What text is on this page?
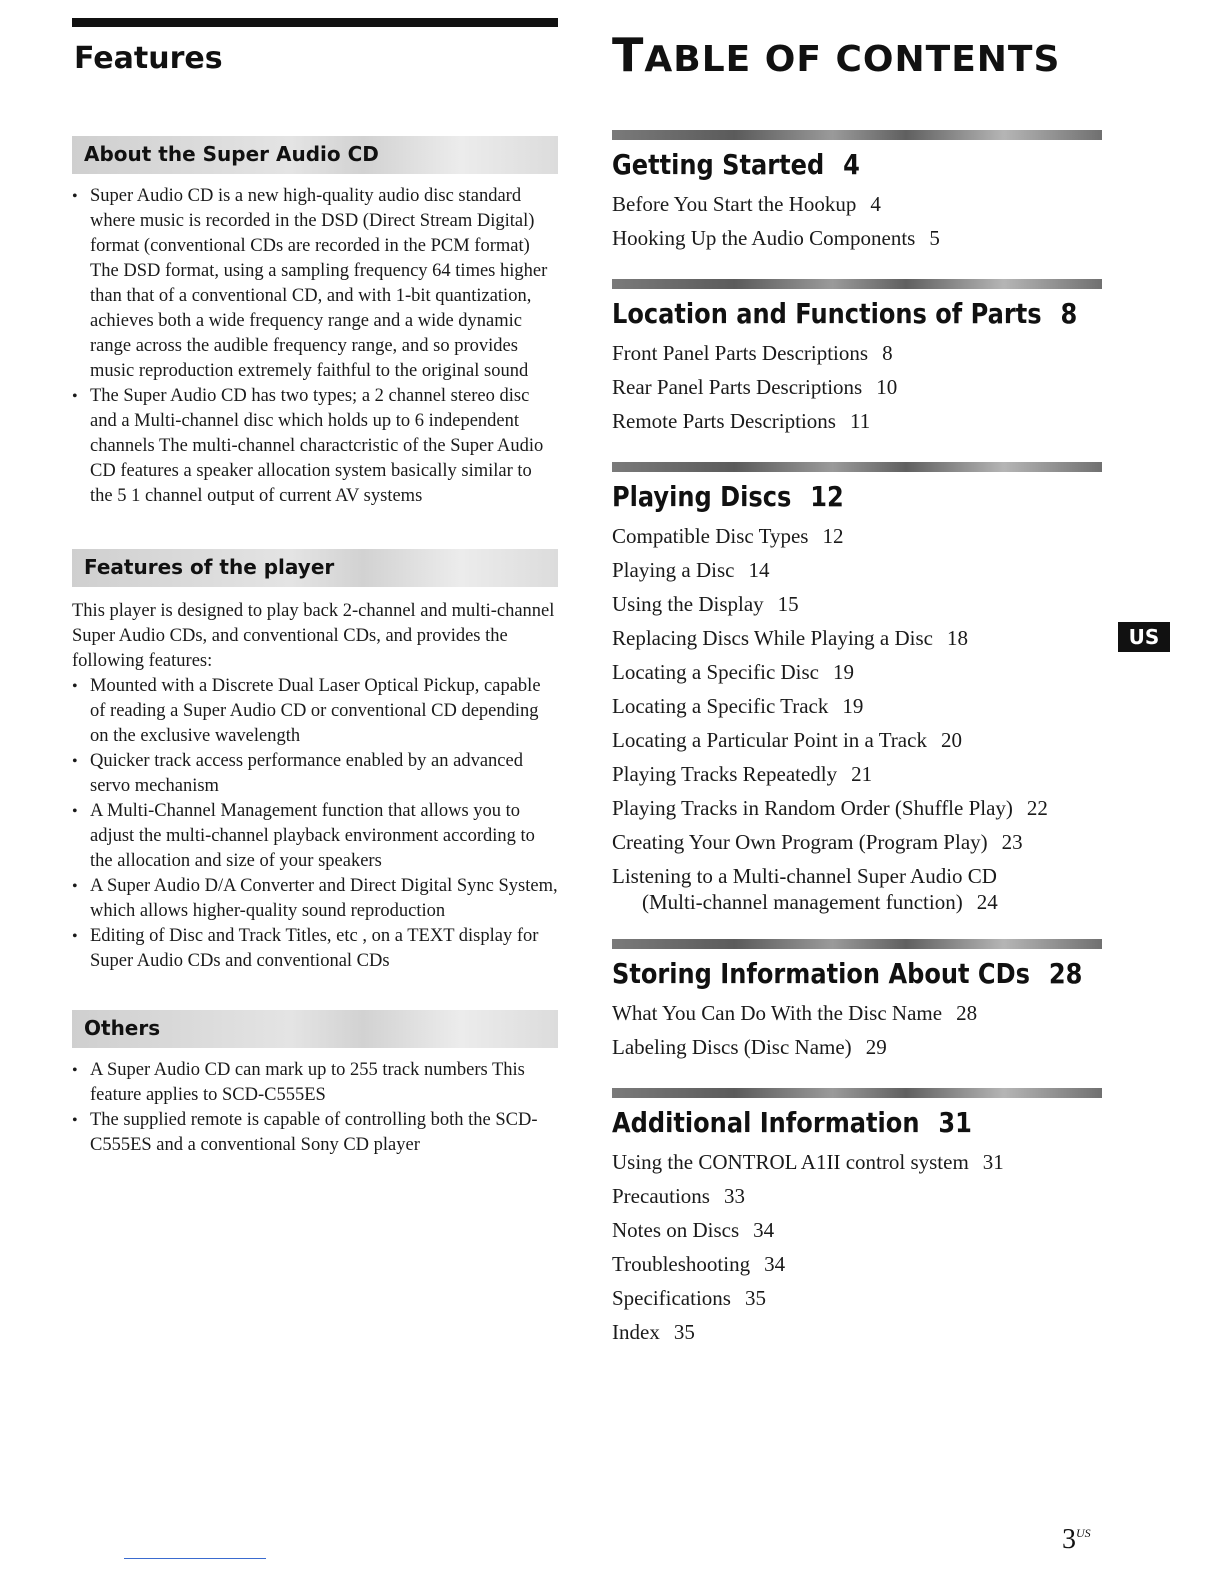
Features
About the Super Audio CD
• Super Audio CD is a new high-quality audio disc standard where music is recorded in the DSD (Direct Stream Digital) format (conventional CDs are recorded in the PCM format) The DSD format, using a sampling frequency 64 times higher than that of a conventional CD, and with 1-bit quantization, achieves both a wide frequency range and a wide dynamic range across the audible frequency range, and so provides music reproduction extremely faithful to the original sound
• The Super Audio CD has two types; a 2 channel stereo disc and a Multi-channel disc which holds up to 6 independent channels The multi-channel charactcristic of the Super Audio CD features a speaker allocation system basically similar to the 5 1 channel output of current AV systems
Features of the player
This player is designed to play back 2-channel and multi-channel Super Audio CDs, and conventional CDs, and provides the following features:
• Mounted with a Discrete Dual Laser Optical Pickup, capable of reading a Super Audio CD or conventional CD depending on the exclusive wavelength
• Quicker track access performance enabled by an advanced servo mechanism
• A Multi-Channel Management function that allows you to adjust the multi-channel playback environment according to the allocation and size of your speakers
• A Super Audio D/A Converter and Direct Digital Sync System, which allows higher-quality sound reproduction
• Editing of Disc and Track Titles, etc , on a TEXT display for Super Audio CDs and conventional CDs
Others
• A Super Audio CD can mark up to 255 track numbers This feature applies to SCD-C555ES
• The supplied remote is capable of controlling both the SCD-C555ES and a conventional Sony CD player
TABLE OF CONTENTS
Getting Started 4
Before You Start the Hookup 4
Hooking Up the Audio Components 5
Location and Functions of Parts 8
Front Panel Parts Descriptions 8
Rear Panel Parts Descriptions 10
Remote Parts Descriptions 11
Playing Discs 12
Compatible Disc Types 12
Playing a Disc 14
Using the Display 15
Replacing Discs While Playing a Disc 18
Locating a Specific Disc 19
Locating a Specific Track 19
Locating a Particular Point in a Track 20
Playing Tracks Repeatedly 21
Playing Tracks in Random Order (Shuffle Play) 22
Creating Your Own Program (Program Play) 23
Listening to a Multi-channel Super Audio CD
(Multi-channel management function) 24
Storing Information About CDs 28
What You Can Do With the Disc Name 28
Labeling Discs (Disc Name) 29
Additional Information 31
Using the CONTROL A1II control system 31
Precautions 33
Notes on Discs 34
Troubleshooting 34
Specifications 35
Index 35
US
$3^{US}$
